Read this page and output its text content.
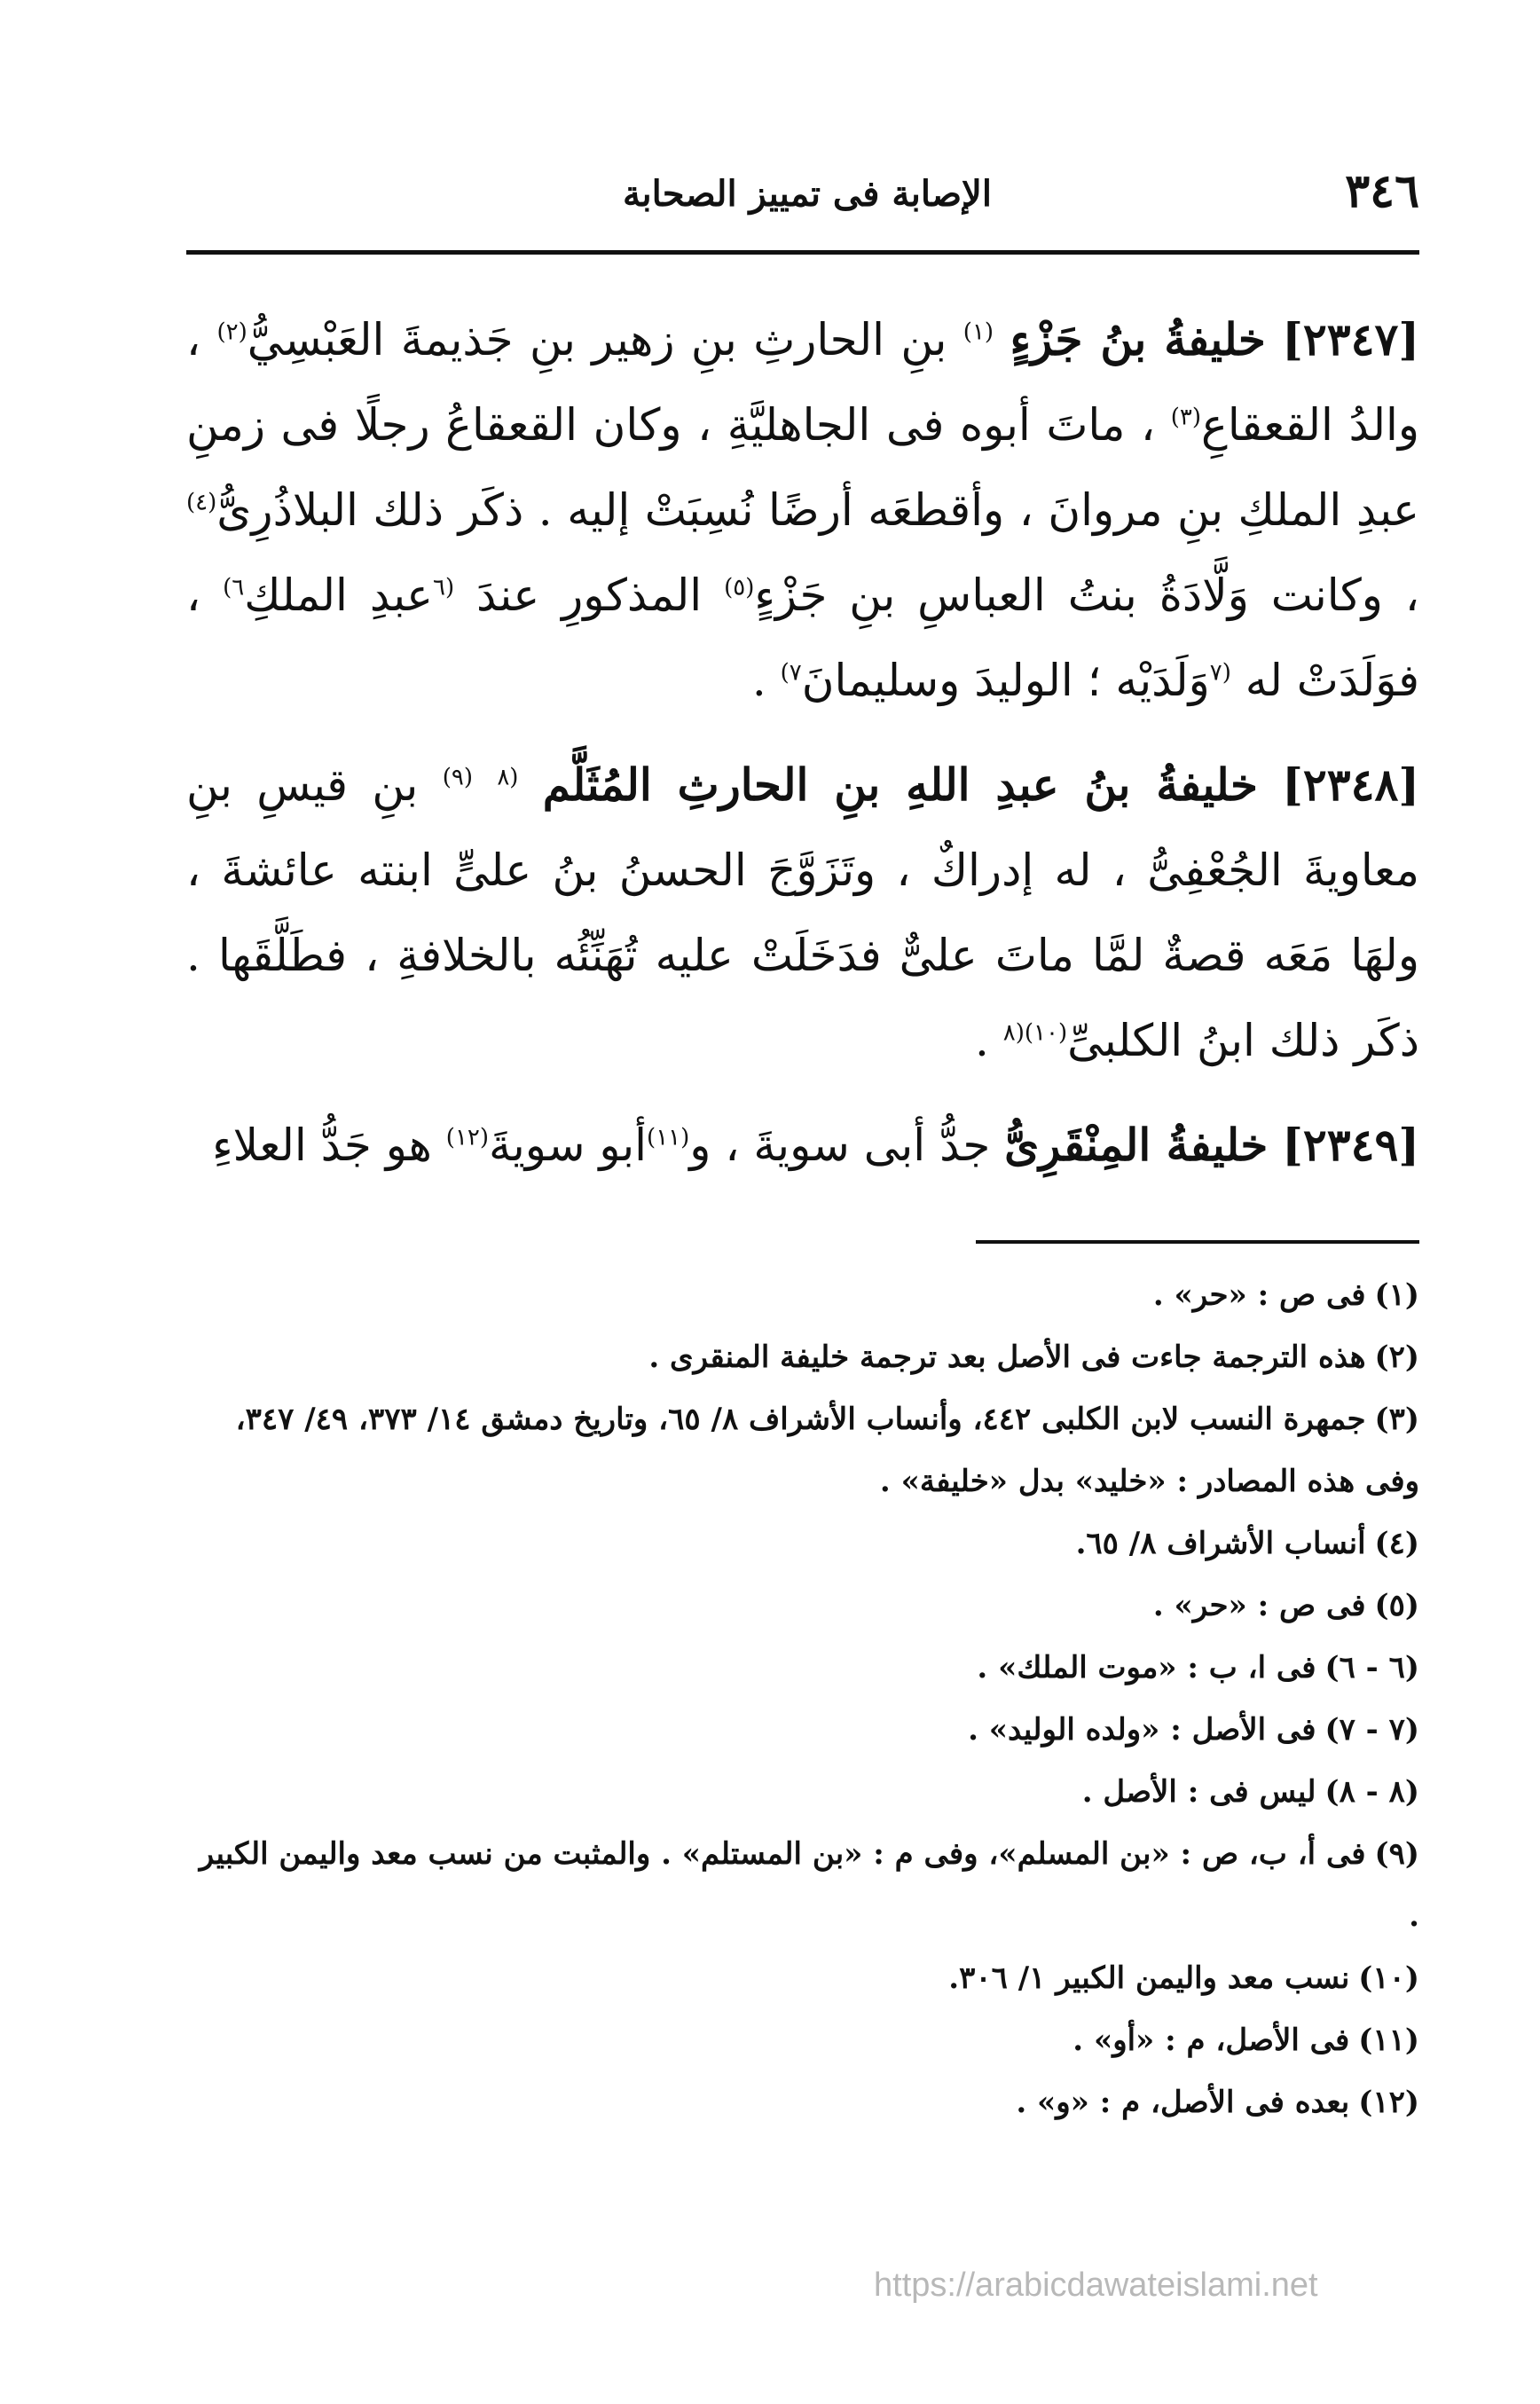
٣٤٦
الإصابة فى تمييز الصحابة

[٢٣٤٧] خليفةُ بنُ جَزْءٍ $^{(١)}$ بنِ الحارثِ بنِ زهير بنِ جَذيمةَ العَبْسِيُّ$^{(٢)}$ ، والدُ القعقاعِ$^{(٣)}$ ، ماتَ أبوه فى الجاهليَّةِ ، وكان القعقاعُ رجلًا فى زمنِ عبدِ الملكِ بنِ مروانَ ، وأقطعَه أرضًا نُسِبَتْ إليه . ذكَر ذلك البلاذُرِىُّ$^{(٤)}$ ، وكانت وَلَّادَةُ بنتُ العباسِ بنِ جَزْءٍ$^{(٥)}$ المذكورِ عندَ $^{(٦}$عبدِ الملكِ$^{٦)}$ ، فوَلَدَتْ له $^{(٧}$وَلَدَيْه ؛ الوليدَ وسليمانَ$^{٧)}$ .

[٢٣٤٨] خليفةُ بنُ عبدِ اللهِ بنِ الحارثِ المُثَلَّم $^{(٨}$ $^{(٩)}$ بنِ قيسِ بنِ معاويةَ الجُعْفِىُّ ، له إدراكٌ ، وتَزَوَّجَ الحسنُ بنُ علىٍّ ابنته عائشةَ ، ولهَا مَعَه قصةٌ لمَّا ماتَ علىٌّ فدَخَلَتْ عليه تُهَنِّئُه بالخلافةِ ، فطَلَّقَها . ذكَر ذلك ابنُ الكلبىِّ$^{(١٠)(٨}$ .

[٢٣٤٩] خليفةُ المِنْقَرِىُّ جدُّ أبى سويةَ ، و$^{(١١)}$أبو سويةَ$^{(١٢)}$ هو جَدُّ العلاءِ

(١)فى ص : «حر» .

(٢)هذه الترجمة جاءت فى الأصل بعد ترجمة خليفة المنقرى .

(٣)جمهرة النسب لابن الكلبى ٤٤٢، وأنساب الأشراف ٨/ ٦٥، وتاريخ دمشق ١٤/ ٣٧٣، ٤٩/ ٣٤٧، وفى هذه المصادر : «خليد» بدل «خليفة» .

(٤)أنساب الأشراف ٨/ ٦٥.

(٥)فى ص : «حر» .

(٦ - ٦)فى ا، ب : «موت الملك» .

(٧ - ٧)فى الأصل : «ولده الوليد» .

(٨ - ٨)ليس فى : الأصل .

(٩)فى أ، ب، ص : «بن المسلم»، وفى م : «بن المستلم» . والمثبت من نسب معد واليمن الكبير .

(١٠)نسب معد واليمن الكبير ١/ ٣٠٦.

(١١)فى الأصل، م : «أو» .

(١٢)بعده فى الأصل، م : «و» .

https://arabicdawateislami.net
